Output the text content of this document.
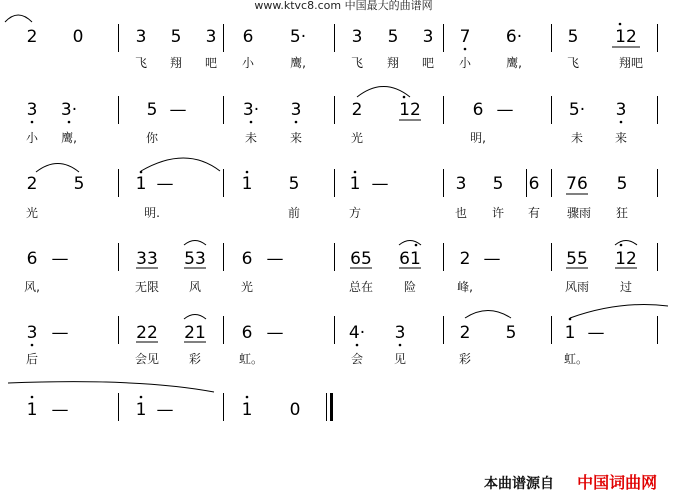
www.ktvc8.com 中国最大的曲谱网
2 0	3 5 3 6 5·	3 5 3 7 6·	5 12
飞 翔 吧 小	鹰,	飞 翔 吧 小	鹰,	飞	翔吧
3 3·	5 —	3· 3	2 12	6 —	5· 3
小 鹰,	你	未	来	光	明,	未	来
2 5	1 —	1 5	1 —	3 5 6 76 5
光	明.	前	方	也 许 有 骤雨 狂
6 —	33 53 6 —	65 61 2 —	55 12
风,	无限 风	光	总在	险	峰,	风雨	过
3 —	22 21 6 —	4· 3	2 5	1 —
后	会见 彩	虹。	会	见	彩	虹。
1 —	1 —	1 0
本曲谱源自 中国词曲网
